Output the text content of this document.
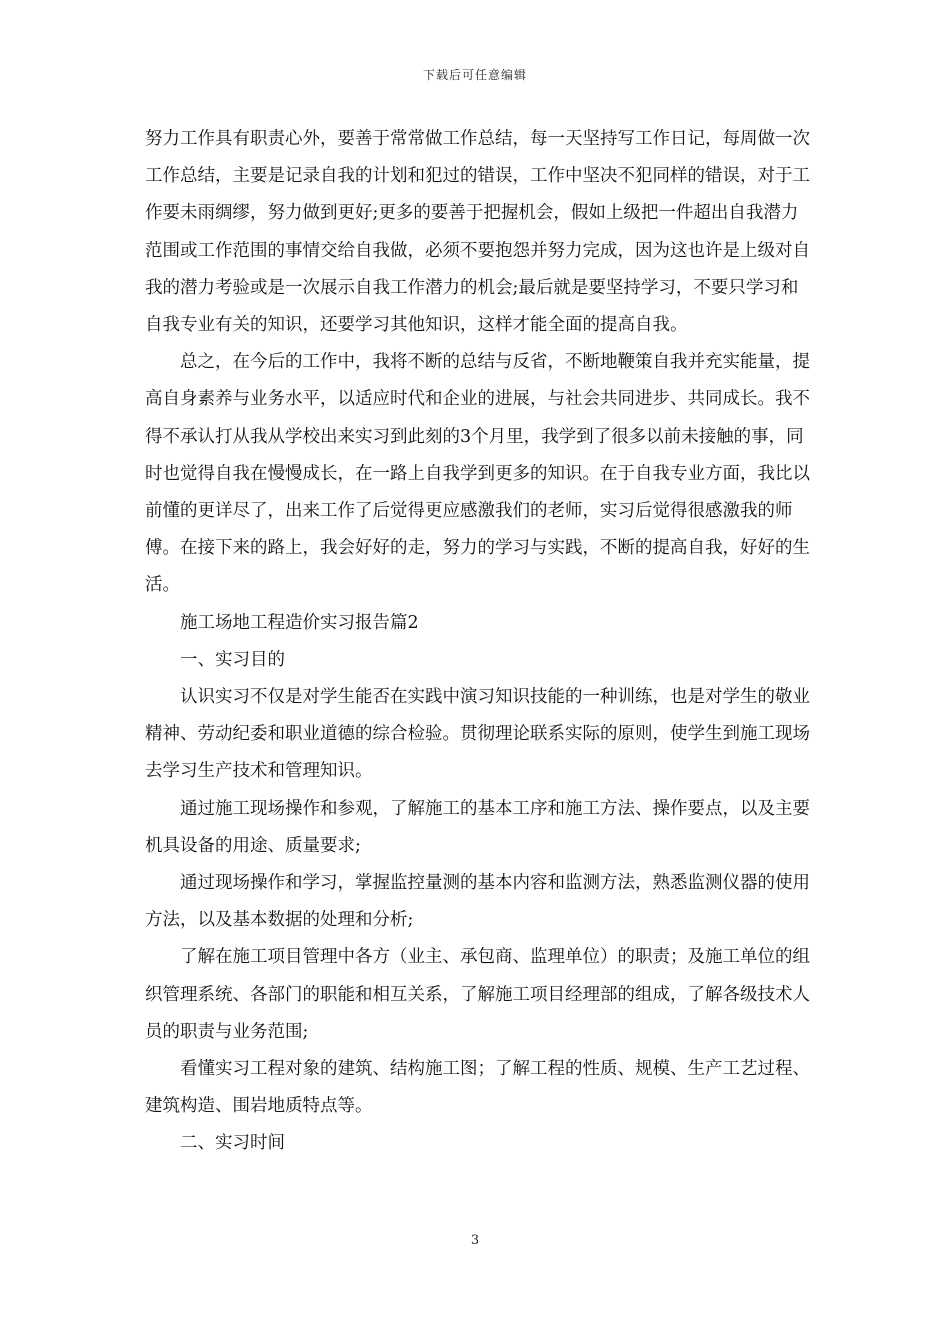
下载后可任意编辑

努力工作具有职责心外，要善于常常做工作总结，每一天坚持写工作日记，每周做一次工作总结，主要是记录自我的计划和犯过的错误，工作中坚决不犯同样的错误，对于工作要未雨绸缪，努力做到更好;更多的要善于把握机会，假如上级把一件超出自我潜力范围或工作范围的事情交给自我做，必须不要抱怨并努力完成，因为这也许是上级对自我的潜力考验或是一次展示自我工作潜力的机会;最后就是要坚持学习，不要只学习和自我专业有关的知识，还要学习其他知识，这样才能全面的提高自我。

总之，在今后的工作中，我将不断的总结与反省，不断地鞭策自我并充实能量，提高自身素养与业务水平，以适应时代和企业的进展，与社会共同进步、共同成长。我不得不承认打从我从学校出来实习到此刻的3个月里，我学到了很多以前未接触的事，同时也觉得自我在慢慢成长，在一路上自我学到更多的知识。在于自我专业方面，我比以前懂的更详尽了，出来工作了后觉得更应感激我们的老师，实习后觉得很感激我的师傅。在接下来的路上，我会好好的走，努力的学习与实践，不断的提高自我，好好的生活。

施工场地工程造价实习报告篇2

一、实习目的

认识实习不仅是对学生能否在实践中演习知识技能的一种训练，也是对学生的敬业精神、劳动纪委和职业道德的综合检验。贯彻理论联系实际的原则，使学生到施工现场去学习生产技术和管理知识。

通过施工现场操作和参观，了解施工的基本工序和施工方法、操作要点，以及主要机具设备的用途、质量要求;

通过现场操作和学习，掌握监控量测的基本内容和监测方法，熟悉监测仪器的使用方法，以及基本数据的处理和分析;

了解在施工项目管理中各方（业主、承包商、监理单位）的职责；及施工单位的组织管理系统、各部门的职能和相互关系，了解施工项目经理部的组成，了解各级技术人员的职责与业务范围;

看懂实习工程对象的建筑、结构施工图；了解工程的性质、规模、生产工艺过程、建筑构造、围岩地质特点等。

二、实习时间

3
